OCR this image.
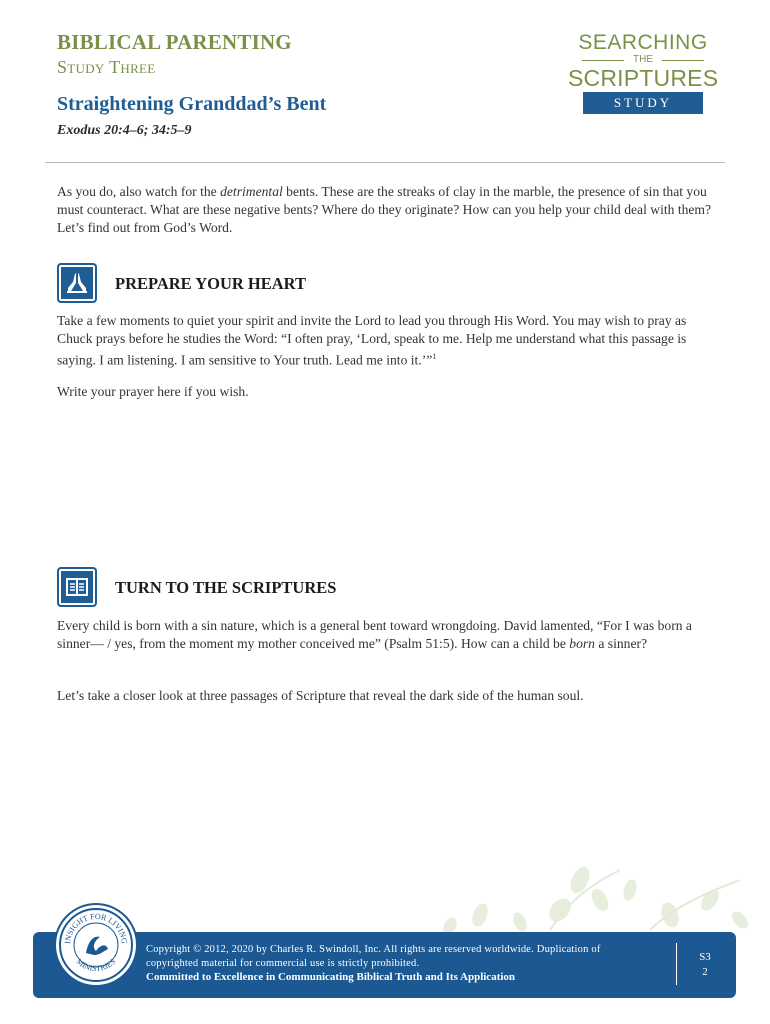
BIBLICAL PARENTING
Study Three
Straightening Granddad’s Bent
Exodus 20:4–6; 34:5–9
SEARCHING
THE
SCRIPTURES
STUDY

As you do, also watch for the detrimental bents. These are the streaks of clay in the marble, the presence of sin that you must counteract. What are these negative bents? Where do they originate? How can you help your child deal with them? Let’s find out from God’s Word.

PREPARE YOUR HEART

Take a few moments to quiet your spirit and invite the Lord to lead you through His Word. You may wish to pray as Chuck prays before he studies the Word: “I often pray, ‘Lord, speak to me. Help me understand what this passage is saying. I am listening. I am sensitive to Your truth. Lead me into it.’”$^1$

Write your prayer here if you wish.

TURN TO THE SCRIPTURES

Every child is born with a sin nature, which is a general bent toward wrongdoing. David lamented, “For I was born a sinner— / yes, from the moment my mother conceived me” (Psalm 51:5). How can a child be born a sinner?

Let’s take a closer look at three passages of Scripture that reveal the dark side of the human soul.

INSIGHT FOR LIVING
MINISTRIES
Copyright © 2012, 2020 by Charles R. Swindoll, Inc. All rights are reserved worldwide. Duplication of copyrighted material for commercial use is strictly prohibited.
Committed to Excellence in Communicating Biblical Truth and Its Application
S3
2
